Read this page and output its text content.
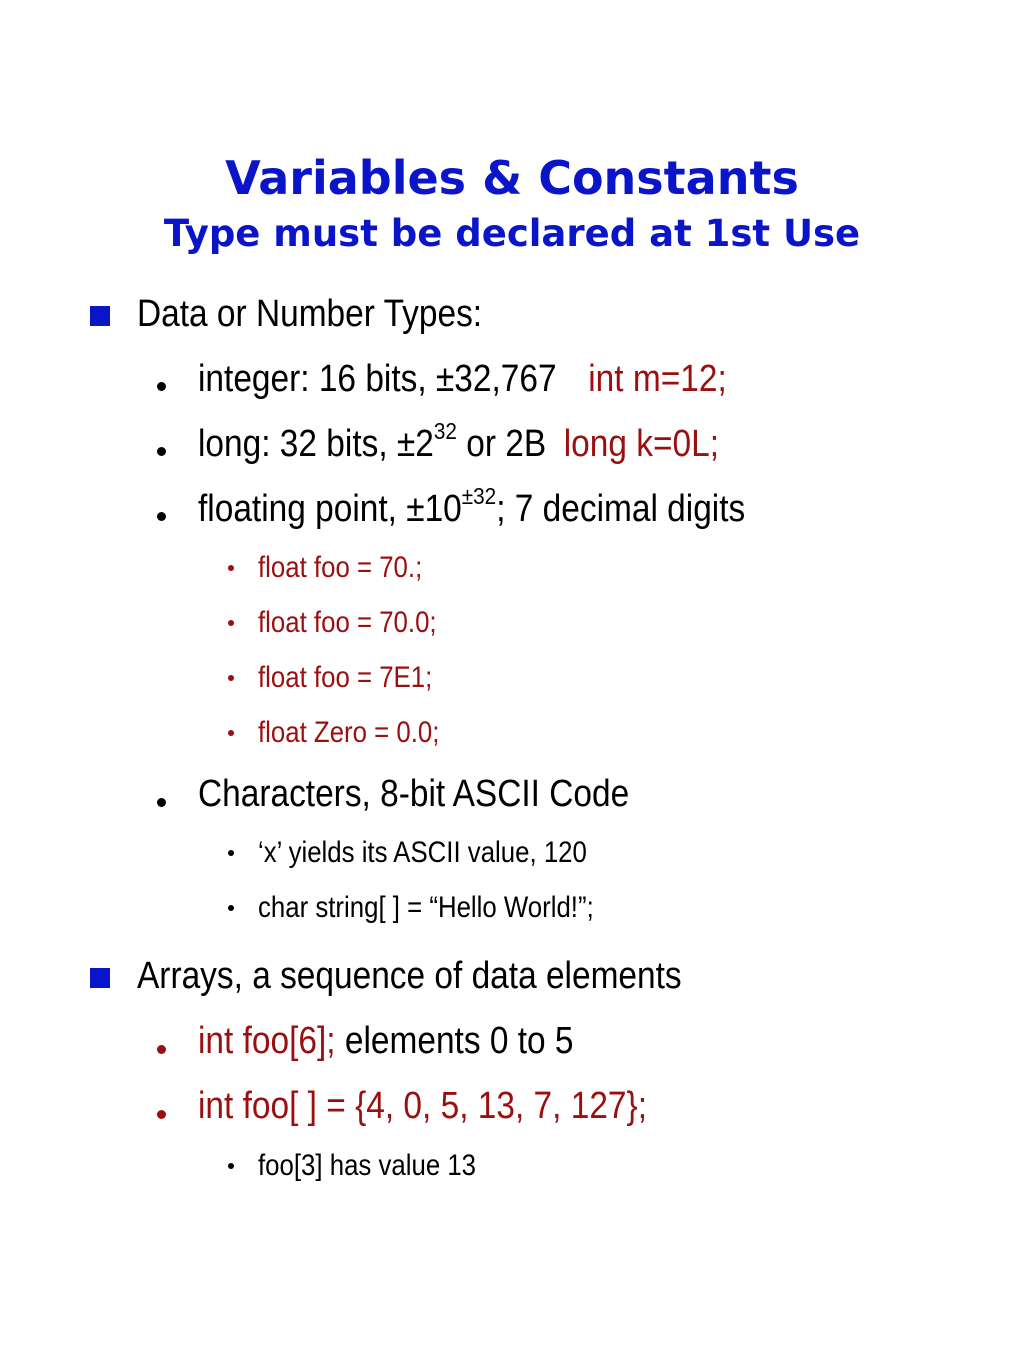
Variables & Constants
Type must be declared at 1st Use
Data or Number Types:
integer: 16 bits, ±32,767 int m=12;
long: 32 bits, $\pm 2^{32}$ or 2B long k=0L;
floating point, $\pm 10^{\pm 32}$; 7 decimal digits
float foo = 70.;
float foo = 70.0;
float foo = 7E1;
float Zero = 0.0;
Characters, 8-bit ASCII Code
‘x’ yields its ASCII value, 120
char string[ ] = “Hello World!”;
Arrays, a sequence of data elements
int foo[6]; elements 0 to 5
int foo[ ] = {4, 0, 5, 13, 7, 127};
foo[3] has value 13
